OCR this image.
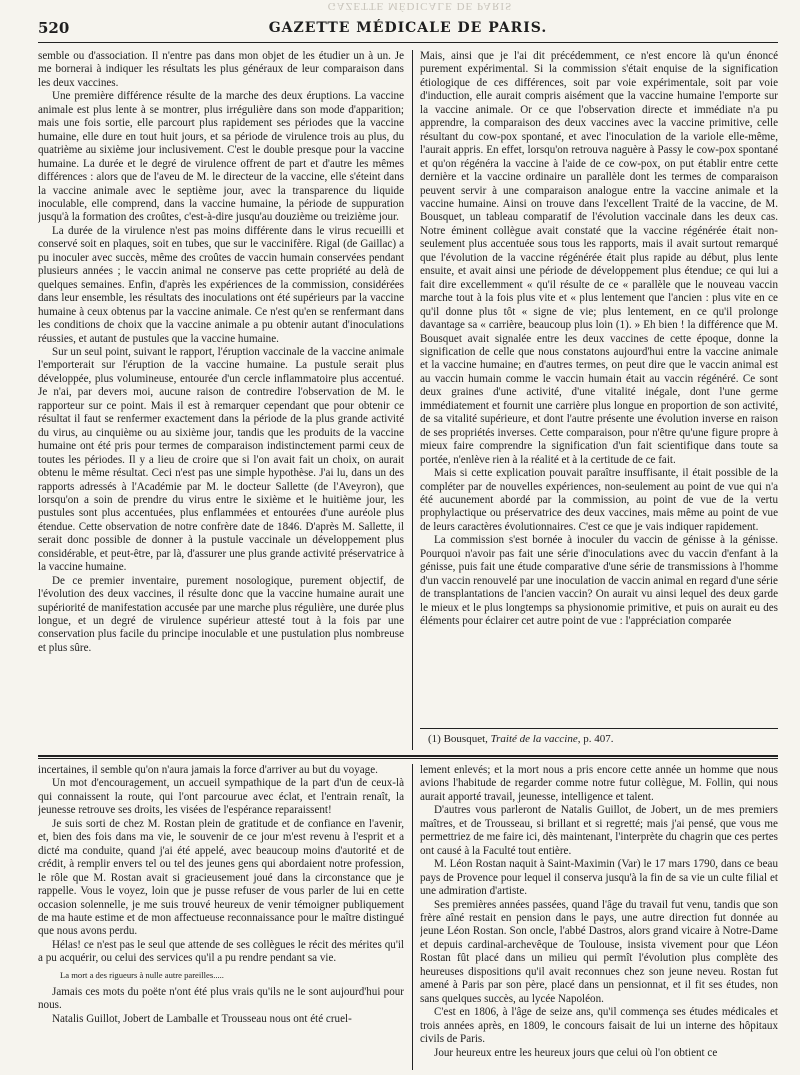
GAZETTE MÉDICALE DE PARIS
520	GAZETTE MÉDICALE DE PARIS.

semble ou d'association. Il n'entre pas dans mon objet de les étudier un à un. Je me bornerai à indiquer les résultats les plus généraux de leur comparaison dans les deux vaccines.

Une première différence résulte de la marche des deux éruptions. La vaccine animale est plus lente à se montrer, plus irrégulière dans son mode d'apparition; mais une fois sortie, elle parcourt plus rapidement ses périodes que la vaccine humaine, elle dure en tout huit jours, et sa période de virulence trois au plus, du quatrième au sixième jour inclusivement. C'est le double presque pour la vaccine humaine. La durée et le degré de virulence offrent de part et d'autre les mêmes différences : alors que de l'aveu de M. le directeur de la vaccine, elle s'éteint dans la vaccine animale avec le septième jour, avec la transparence du liquide inoculable, elle comprend, dans la vaccine humaine, la période de suppuration jusqu'à la formation des croûtes, c'est-à-dire jusqu'au douzième ou treizième jour.

La durée de la virulence n'est pas moins différente dans le virus recueilli et conservé soit en plaques, soit en tubes, que sur le vaccinifère. Rigal (de Gaillac) a pu inoculer avec succès, même des croûtes de vaccin humain conservées pendant plusieurs années ; le vaccin animal ne conserve pas cette propriété au delà de quelques semaines. Enfin, d'après les expériences de la commission, considérées dans leur ensemble, les résultats des inoculations ont été supérieurs par la vaccine humaine à ceux obtenus par la vaccine animale. Ce n'est qu'en se renfermant dans les conditions de choix que la vaccine animale a pu obtenir autant d'inoculations réussies, et autant de pustules que la vaccine humaine.

Sur un seul point, suivant le rapport, l'éruption vaccinale de la vaccine animale l'emporterait sur l'éruption de la vaccine humaine. La pustule serait plus développée, plus volumineuse, entourée d'un cercle inflammatoire plus accentué. Je n'ai, par devers moi, aucune raison de contredire l'observation de M. le rapporteur sur ce point. Mais il est à remarquer cependant que pour obtenir ce résultat il faut se renfermer exactement dans la période de la plus grande activité du virus, au cinquième ou au sixième jour, tandis que les produits de la vaccine humaine ont été pris pour termes de comparaison indistinctement parmi ceux de toutes les périodes. Il y a lieu de croire que si l'on avait fait un choix, on aurait obtenu le même résultat. Ceci n'est pas une simple hypothèse. J'ai lu, dans un des rapports adressés à l'Académie par M. le docteur Sallette (de l'Aveyron), que lorsqu'on a soin de prendre du virus entre le sixième et le huitième jour, les pustules sont plus accentuées, plus enflammées et entourées d'une auréole plus étendue. Cette observation de notre confrère date de 1846. D'après M. Sallette, il serait donc possible de donner à la pustule vaccinale un développement plus considérable, et peut-être, par là, d'assurer une plus grande activité préservatrice à la vaccine humaine.

De ce premier inventaire, purement nosologique, purement objectif, de l'évolution des deux vaccines, il résulte donc que la vaccine humaine aurait une supériorité de manifestation accusée par une marche plus régulière, une durée plus longue, et un degré de virulence supérieur attesté tout à la fois par une conservation plus facile du principe inoculable et une pustulation plus nombreuse et plus sûre.

Mais, ainsi que je l'ai dit précédemment, ce n'est encore là qu'un énoncé purement expérimental. Si la commission s'était enquise de la signification étiologique de ces différences, soit par voie expérimentale, soit par voie d'induction, elle aurait compris aisément que la vaccine humaine l'emporte sur la vaccine animale. Or ce que l'observation directe et immédiate n'a pu apprendre, la comparaison des deux vaccines avec la vaccine primitive, celle résultant du cow-pox spontané, et avec l'inoculation de la variole elle-même, l'aurait appris. En effet, lorsqu'on retrouva naguère à Passy le cow-pox spontané et qu'on régénéra la vaccine à l'aide de ce cow-pox, on put établir entre cette dernière et la vaccine ordinaire un parallèle dont les termes de comparaison peuvent servir à une comparaison analogue entre la vaccine animale et la vaccine humaine. Ainsi on trouve dans l'excellent Traité de la vaccine, de M. Bousquet, un tableau comparatif de l'évolution vaccinale dans les deux cas. Notre éminent collègue avait constaté que la vaccine régénérée était non-seulement plus accentuée sous tous les rapports, mais il avait surtout remarqué que l'évolution de la vaccine régénérée était plus rapide au début, plus lente ensuite, et avait ainsi une période de développement plus étendue; ce qui lui a fait dire excellemment « qu'il résulte de ce « parallèle que le nouveau vaccin marche tout à la fois plus vite et « plus lentement que l'ancien : plus vite en ce qu'il donne plus tôt « signe de vie; plus lentement, en ce qu'il prolonge davantage sa « carrière, beaucoup plus loin (1). » Eh bien ! la différence que M. Bousquet avait signalée entre les deux vaccines de cette époque, donne la signification de celle que nous constatons aujourd'hui entre la vaccine animale et la vaccine humaine; en d'autres termes, on peut dire que le vaccin animal est au vaccin humain comme le vaccin humain était au vaccin régénéré. Ce sont deux graines d'une activité, d'une vitalité inégale, dont l'une germe immédiatement et fournit une carrière plus longue en proportion de son activité, de sa vitalité supérieure, et dont l'autre présente une évolution inverse en raison de ses propriétés inverses. Cette comparaison, pour n'être qu'une figure propre à mieux faire comprendre la signification d'un fait scientifique dans toute sa portée, n'enlève rien à la réalité et à la certitude de ce fait.

Mais si cette explication pouvait paraître insuffisante, il était possible de la compléter par de nouvelles expériences, non-seulement au point de vue qui n'a été aucunement abordé par la commission, au point de vue de la vertu prophylactique ou préservatrice des deux vaccines, mais même au point de vue de leurs caractères évolutionnaires. C'est ce que je vais indiquer rapidement.

La commission s'est bornée à inoculer du vaccin de génisse à la génisse. Pourquoi n'avoir pas fait une série d'inoculations avec du vaccin d'enfant à la génisse, puis fait une étude comparative d'une série de transmissions à l'homme d'un vaccin renouvelé par une inoculation de vaccin animal en regard d'une série de transplantations de l'ancien vaccin? On aurait vu ainsi lequel des deux garde le mieux et le plus longtemps sa physionomie primitive, et puis on aurait eu des éléments pour éclairer cet autre point de vue : l'appréciation comparée

(1) Bousquet, Traité de la vaccine, p. 407.

incertaines, il semble qu'on n'aura jamais la force d'arriver au but du voyage.

Un mot d'encouragement, un accueil sympathique de la part d'un de ceux-là qui connaissent la route, qui l'ont parcourue avec éclat, et l'entrain renaît, la jeunesse retrouve ses droits, les visées de l'espérance reparaissent!

Je suis sorti de chez M. Rostan plein de gratitude et de confiance en l'avenir, et, bien des fois dans ma vie, le souvenir de ce jour m'est revenu à l'esprit et a dicté ma conduite, quand j'ai été appelé, avec beaucoup moins d'autorité et de crédit, à remplir envers tel ou tel des jeunes gens qui abordaient notre profession, le rôle que M. Rostan avait si gracieusement joué dans la circonstance que je rappelle. Vous le voyez, loin que je pusse refuser de vous parler de lui en cette occasion solennelle, je me suis trouvé heureux de venir témoigner publiquement de ma haute estime et de mon affectueuse reconnaissance pour le maître distingué que nous avons perdu.

Hélas! ce n'est pas le seul que attende de ses collègues le récit des mérites qu'il a pu acquérir, ou celui des services qu'il a pu rendre pendant sa vie.

La mort a des rigueurs à nulle autre pareilles.....

Jamais ces mots du poëte n'ont été plus vrais qu'ils ne le sont aujourd'hui pour nous.

Natalis Guillot, Jobert de Lamballe et Trousseau nous ont été cruel-

lement enlevés; et la mort nous a pris encore cette année un homme que nous avions l'habitude de regarder comme notre futur collègue, M. Follin, qui nous aurait apporté travail, jeunesse, intelligence et talent.

D'autres vous parleront de Natalis Guillot, de Jobert, un de mes premiers maîtres, et de Trousseau, si brillant et si regretté; mais j'ai pensé, que vous me permettriez de me faire ici, dès maintenant, l'interprète du chagrin que ces pertes ont causé à la Faculté tout entière.

M. Léon Rostan naquit à Saint-Maximin (Var) le 17 mars 1790, dans ce beau pays de Provence pour lequel il conserva jusqu'à la fin de sa vie un culte filial et une admiration d'artiste.

Ses premières années passées, quand l'âge du travail fut venu, tandis que son frère aîné restait en pension dans le pays, une autre direction fut donnée au jeune Léon Rostan. Son oncle, l'abbé Dastros, alors grand vicaire à Notre-Dame et depuis cardinal-archevêque de Toulouse, insista vivement pour que Léon Rostan fût placé dans un milieu qui permît l'évolution plus complète des heureuses dispositions qu'il avait reconnues chez son jeune neveu. Rostan fut amené à Paris par son père, placé dans un pensionnat, et il fit ses études, non sans quelques succès, au lycée Napoléon.

C'est en 1806, à l'âge de seize ans, qu'il commença ses études médicales et trois années après, en 1809, le concours faisait de lui un interne des hôpitaux civils de Paris.

Jour heureux entre les heureux jours que celui où l'on obtient ce
